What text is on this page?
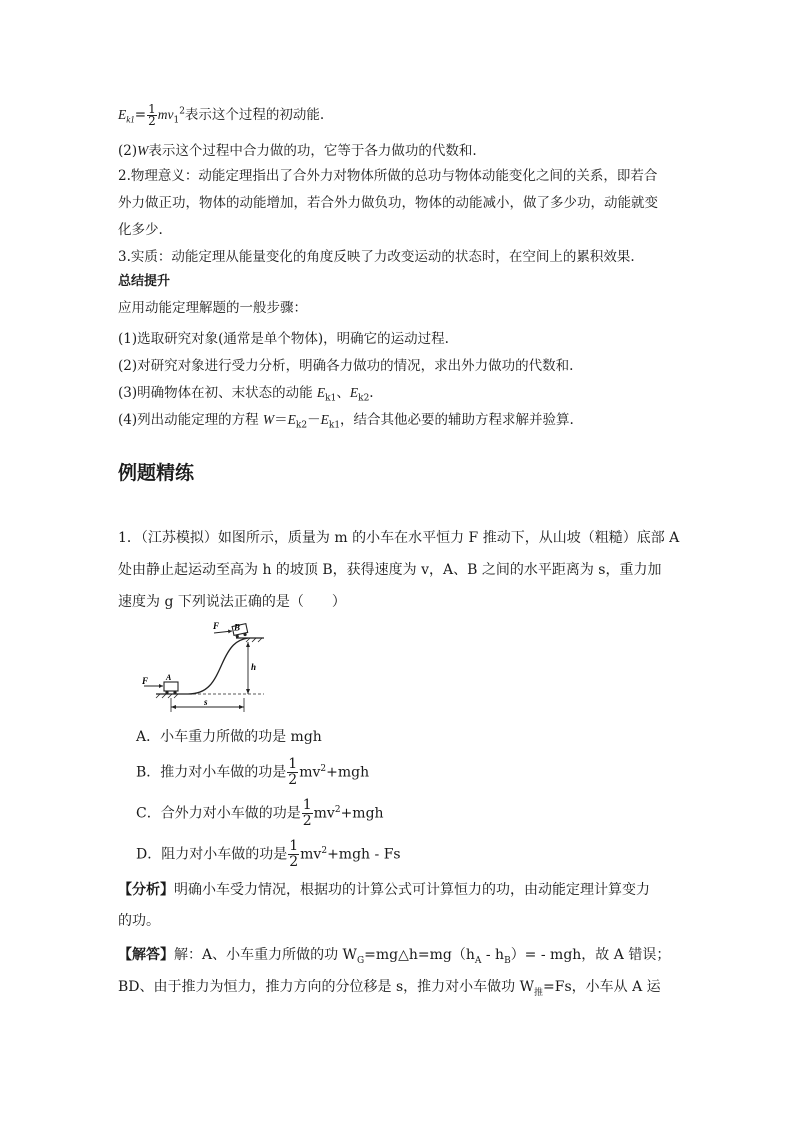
$E_{k1}= \frac{1}{2} mv_1^2$表示这个过程的初动能.
(2)W表示这个过程中合力做的功，它等于各力做功的代数和.
2.物理意义：动能定理指出了合外力对物体所做的总功与物体动能变化之间的关系，即若合
外力做正功，物体的动能增加，若合外力做负功，物体的动能减小，做了多少功，动能就变
化多少.
3.实质：动能定理从能量变化的角度反映了力改变运动的状态时，在空间上的累积效果.
总结提升
应用动能定理解题的一般步骤：
(1)选取研究对象(通常是单个物体)，明确它的运动过程.
(2)对研究对象进行受力分析，明确各力做功的情况，求出外力做功的代数和.
(3)明确物体在初、末状态的动能 $E_{k1}$、$E_{k2}$.
(4)列出动能定理的方程 $W=E_{k2}-E_{k1}$，结合其他必要的辅助方程求解并验算.
例题精练
1．（江苏模拟）如图所示，质量为 m 的小车在水平恒力 F 推动下，从山坡（粗糙）底部 A
处由静止起运动至高为 h 的坡顶 B，获得速度为 v，A、B 之间的水平距离为 s，重力加
速度为 g 下列说法正确的是（　　）
F B
F A
h
s
A．小车重力所做的功是 mgh
B．推力对小车做的功是 $\frac{1}{2} mv^2+mgh$
C．合外力对小车做的功是 $\frac{1}{2} mv^2+mgh$
D．阻力对小车做的功是 $\frac{1}{2} mv^2+mgh - Fs$
【分析】明确小车受力情况，根据功的计算公式可计算恒力的功，由动能定理计算变力
的功。
【解答】解：A、小车重力所做的功 $W_G=mg\triangle h=mg(h_A - h_B)=$ - mgh，故 A 错误；
BD、由于推力为恒力，推力方向的分位移是 s，推力对小车做功 $W_推=Fs$，小车从 A 运
